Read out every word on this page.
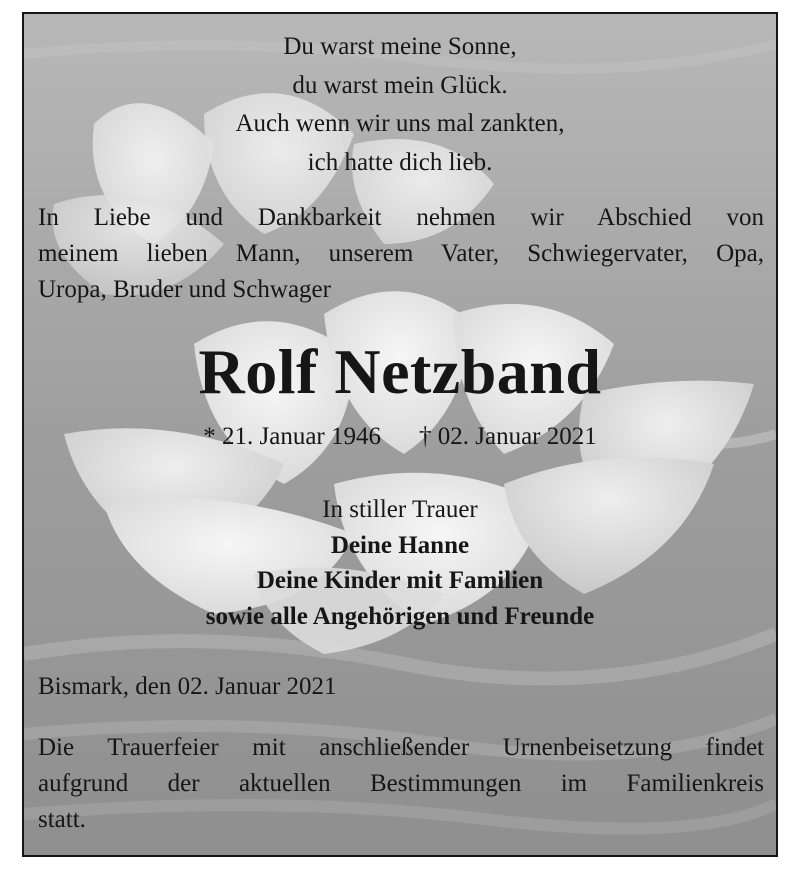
Du warst meine Sonne,
du warst mein Glück.
Auch wenn wir uns mal zankten,
ich hatte dich lieb.
In Liebe und Dankbarkeit nehmen wir Abschied von
meinem lieben Mann, unserem Vater, Schwiegervater, Opa,
Uropa, Bruder und Schwager
Rolf Netzband
* 21. Januar 1946 † 02. Januar 2021
In stiller Trauer
Deine Hanne
Deine Kinder mit Familien
sowie alle Angehörigen und Freunde
Bismark, den 02. Januar 2021
Die Trauerfeier mit anschließender Urnenbeisetzung findet
aufgrund der aktuellen Bestimmungen im Familienkreis
statt.
